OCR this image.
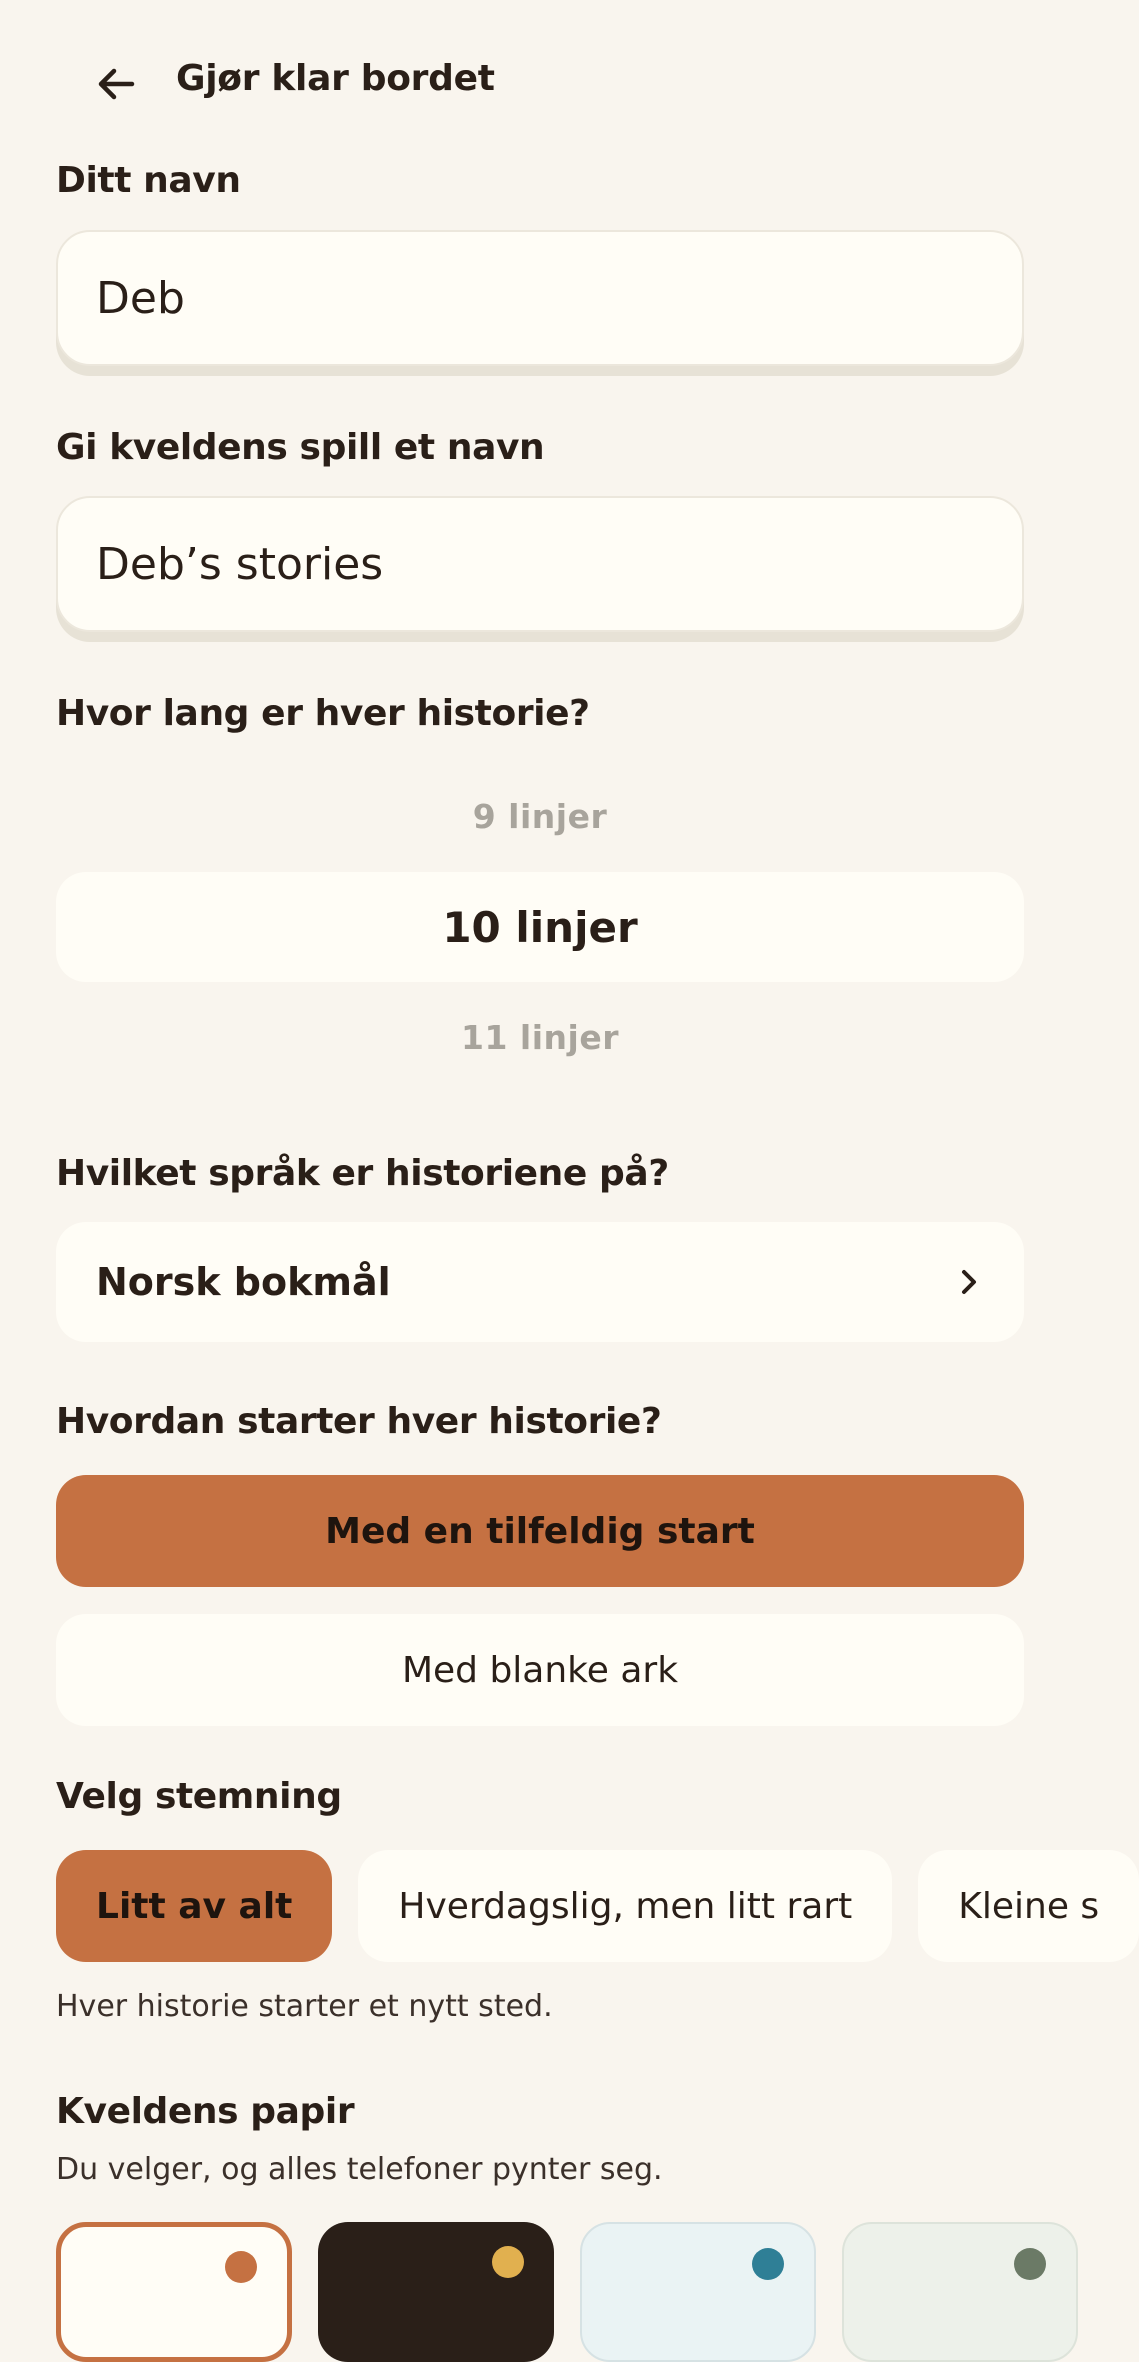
Gjør klar bordet
Ditt navn
Deb
Gi kveldens spill et navn
Deb’s stories
Hvor lang er hver historie?
9 linjer
10 linjer
11 linjer
Hvilket språk er historiene på?
Norsk bokmål
Hvordan starter hver historie?
Med en tilfeldig start
Med blanke ark
Velg stemning
Litt av alt	Hverdagslig, men litt rart	Kleine s
Hver historie starter et nytt sted.
Kveldens papir
Du velger, og alles telefoner pynter seg.
